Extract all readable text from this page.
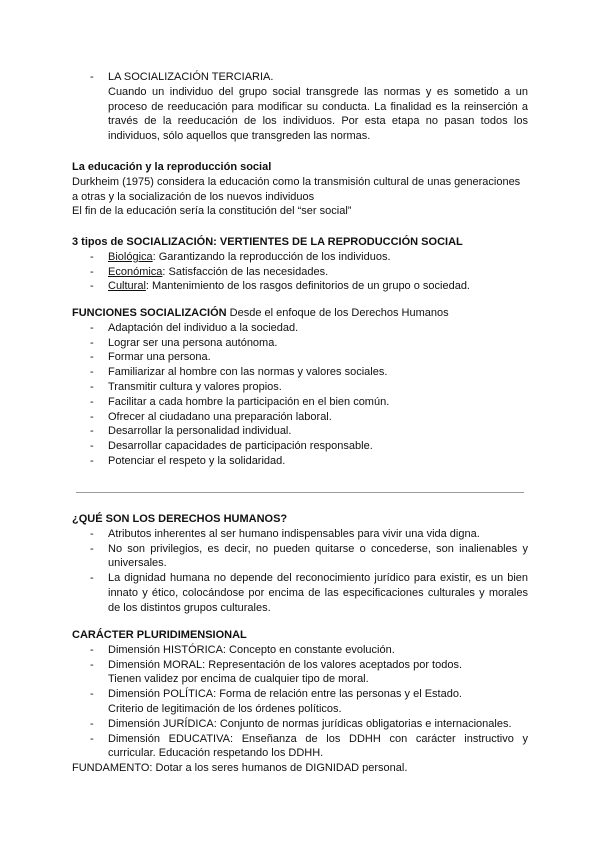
- LA SOCIALIZACIÓN TERCIARIA.
Cuando un individuo del grupo social transgrede las normas y es sometido a un proceso de reeducación para modificar su conducta. La finalidad es la reinserción a través de la reeducación de los individuos. Por esta etapa no pasan todos los individuos, sólo aquellos que transgreden las normas.
La educación y la reproducción social

Durkheim (1975) considera la educación como la transmisión cultural de unas generaciones a otras y la socialización de los nuevos individuos

El fin de la educación sería la constitución del “ser social”

3 tipos de SOCIALIZACIÓN: VERTIENTES DE LA REPRODUCCIÓN SOCIAL
- Biológica: Garantizando la reproducción de los individuos.
- Económica: Satisfacción de las necesidades.
- Cultural: Mantenimiento de los rasgos definitorios de un grupo o sociedad.
FUNCIONES SOCIALIZACIÓN Desde el enfoque de los Derechos Humanos
- Adaptación del individuo a la sociedad.
- Lograr ser una persona autónoma.
- Formar una persona.
- Familiarizar al hombre con las normas y valores sociales.
- Transmitir cultura y valores propios.
- Facilitar a cada hombre la participación en el bien común.
- Ofrecer al ciudadano una preparación laboral.
- Desarrollar la personalidad individual.
- Desarrollar capacidades de participación responsable.
- Potenciar el respeto y la solidaridad.
¿QUÉ SON LOS DERECHOS HUMANOS?
- Atributos inherentes al ser humano indispensables para vivir una vida digna.
- No son privilegios, es decir, no pueden quitarse o concederse, son inalienables y universales.
- La dignidad humana no depende del reconocimiento jurídico para existir, es un bien innato y ético, colocándose por encima de las especificaciones culturales y morales de los distintos grupos culturales.
CARÁCTER PLURIDIMENSIONAL
- Dimensión HISTÓRICA: Concepto en constante evolución.
- Dimensión MORAL: Representación de los valores aceptados por todos.
Tienen validez por encima de cualquier tipo de moral.
- Dimensión POLÍTICA: Forma de relación entre las personas y el Estado.
Criterio de legitimación de los órdenes políticos.
- Dimensión JURÍDICA: Conjunto de normas jurídicas obligatorias e internacionales.
- Dimensión EDUCATIVA: Enseñanza de los DDHH con carácter instructivo y curricular. Educación respetando los DDHH.
FUNDAMENTO: Dotar a los seres humanos de DIGNIDAD personal.
